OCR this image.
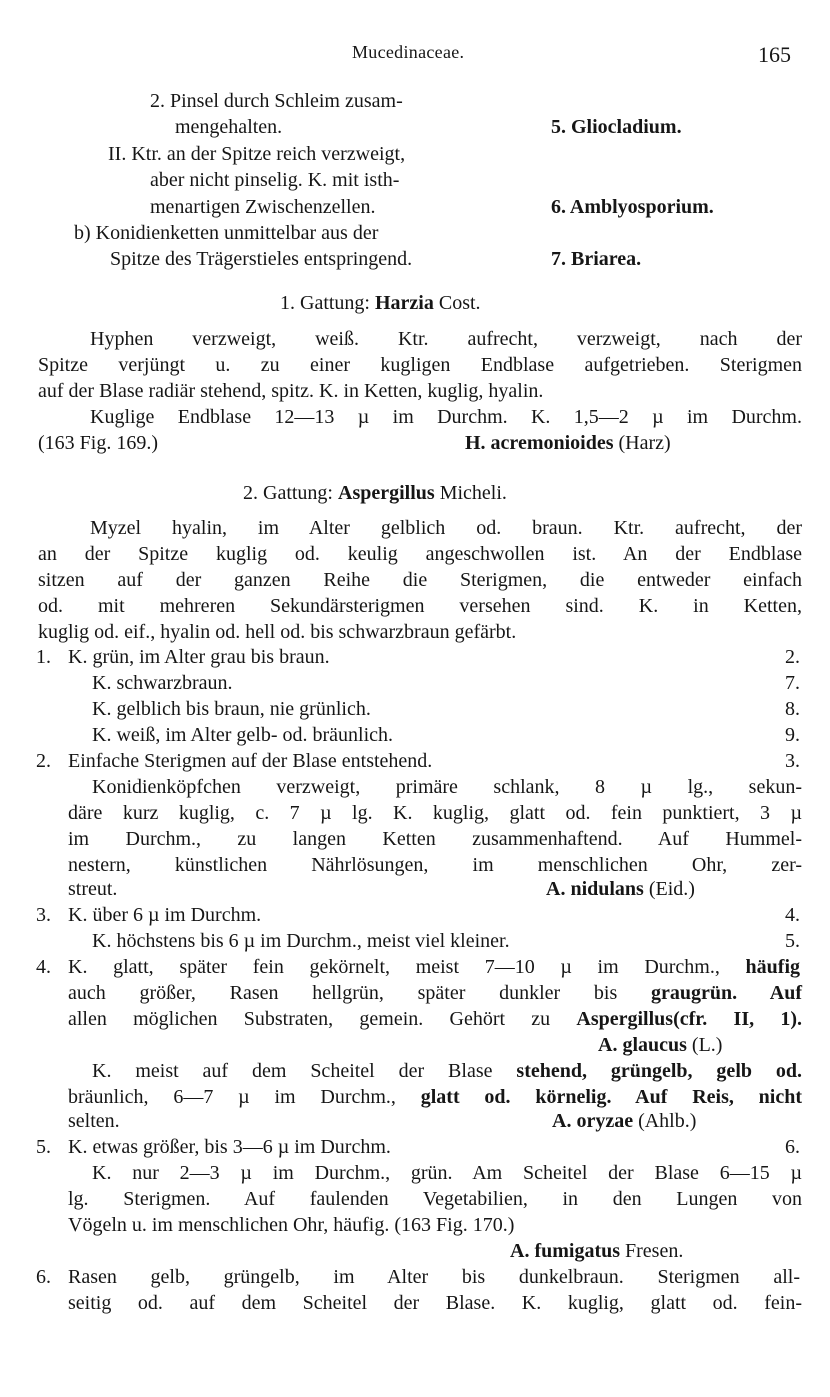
Mucedinaceae.	165
2. Pinsel durch Schleim zusam-
mengehalten.	5. Gliocladium.
II. Ktr. an der Spitze reich verzweigt,
aber nicht pinselig. K. mit isth-
menartigen Zwischenzellen.	6. Amblyosporium.
b) Konidienketten unmittelbar aus der
Spitze des Trägerstieles entspringend.	7. Briarea.
1. Gattung: Harzia Cost.
Hyphen verzweigt, weiß. Ktr. aufrecht, verzweigt, nach der
Spitze verjüngt u. zu einer kugligen Endblase aufgetrieben. Sterigmen
auf der Blase radiär stehend, spitz. K. in Ketten, kuglig, hyalin.
Kuglige Endblase 12—13 µ im Durchm. K. 1,5—2 µ im Durchm.
(163 Fig. 169.)	H. acremonioides (Harz)
2. Gattung: Aspergillus Micheli.
Myzel hyalin, im Alter gelblich od. braun. Ktr. aufrecht, der
an der Spitze kuglig od. keulig angeschwollen ist. An der Endblase
sitzen auf der ganzen Reihe die Sterigmen, die entweder einfach
od. mit mehreren Sekundärsterigmen versehen sind. K. in Ketten,
kuglig od. eif., hyalin od. hell od. bis schwarzbraun gefärbt.
1. K. grün, im Alter grau bis braun.	2.
K. schwarzbraun.	7.
K. gelblich bis braun, nie grünlich.	8.
K. weiß, im Alter gelb- od. bräunlich.	9.
2. Einfache Sterigmen auf der Blase entstehend.	3.
Konidienköpfchen verzweigt, primäre schlank, 8 µ lg., sekun-
däre kurz kuglig, c. 7 µ lg. K. kuglig, glatt od. fein punktiert, 3 µ
im Durchm., zu langen Ketten zusammenhaftend. Auf Hummel-
nestern, künstlichen Nährlösungen, im menschlichen Ohr, zer-
streut.	A. nidulans (Eid.)
3. K. über 6 µ im Durchm.	4.
K. höchstens bis 6 µ im Durchm., meist viel kleiner.	5.
4. K. glatt, später fein gekörnelt, meist 7—10 µ im Durchm., häufig
auch größer, Rasen hellgrün, später dunkler bis graugrün. Auf
allen möglichen Substraten, gemein. Gehört zu Aspergillus(cfr. II, 1).
A. glaucus (L.)
K. meist auf dem Scheitel der Blase stehend, grüngelb, gelb od.
bräunlich, 6—7 µ im Durchm., glatt od. körnelig. Auf Reis, nicht
selten.	A. oryzae (Ahlb.)
5. K. etwas größer, bis 3—6 µ im Durchm.	6.
K. nur 2—3 µ im Durchm., grün. Am Scheitel der Blase 6—15 µ
lg. Sterigmen. Auf faulenden Vegetabilien, in den Lungen von
Vögeln u. im menschlichen Ohr, häufig. (163 Fig. 170.)
A. fumigatus Fresen.
6. Rasen gelb, grüngelb, im Alter bis dunkelbraun. Sterigmen all-
seitig od. auf dem Scheitel der Blase. K. kuglig, glatt od. fein-
